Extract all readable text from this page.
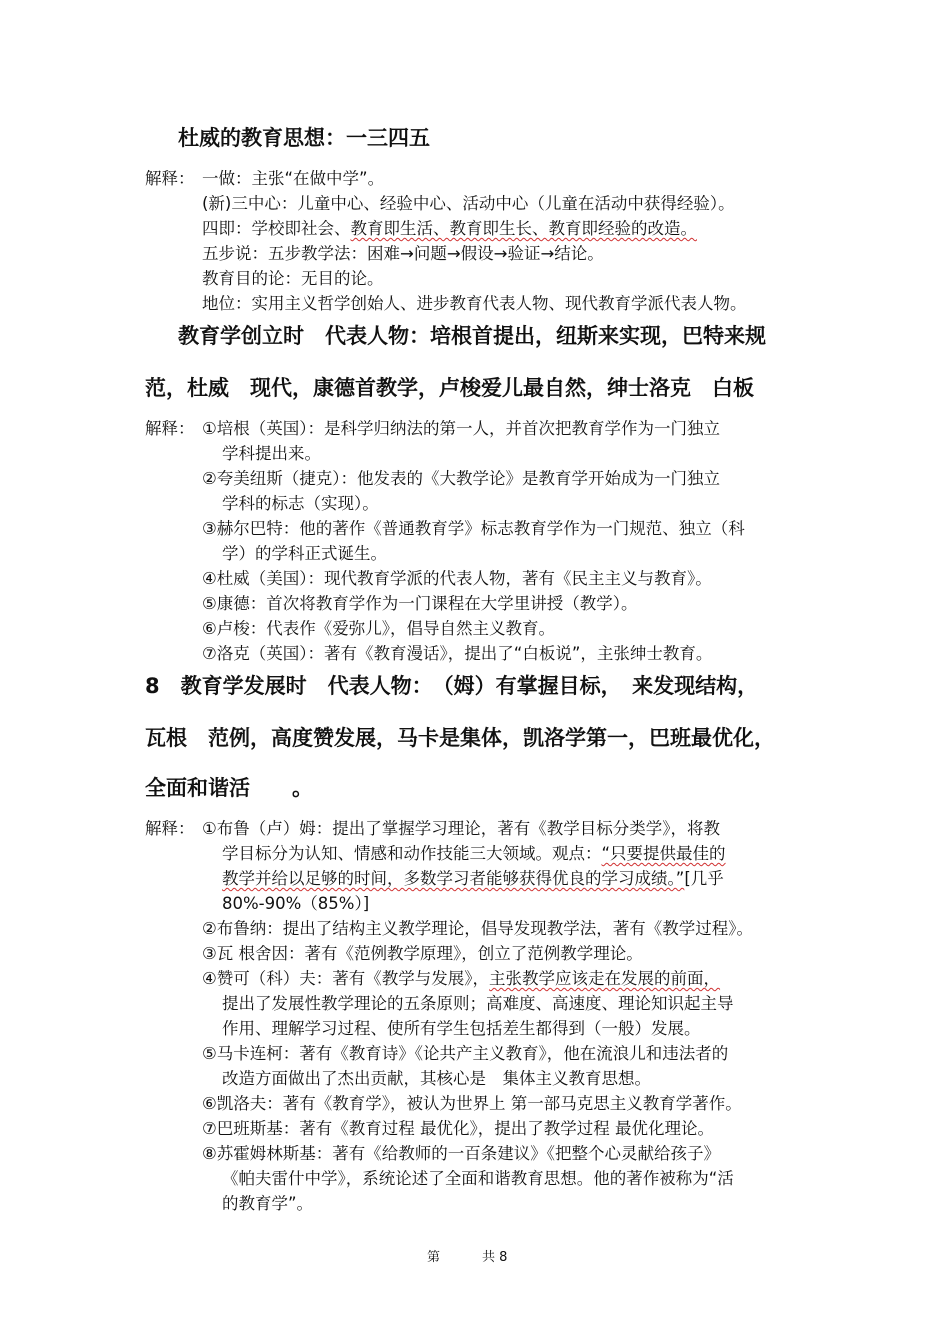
杜威的教育思想：一三四五
解释： 一做：主张“在做中学”。
(新)三中心：儿童中心、经验中心、活动中心（儿童在活动中获得经验）。
四即：学校即社会、教育即生活、教育即生长、教育即经验的改造。
五步说：五步教学法：困难→问题→假设→验证→结论。
教育目的论：无目的论。
地位：实用主义哲学创始人、进步教育代表人物、现代教育学派代表人物。
教育学创立时　代表人物：培根首提出，纽斯来实现，巴特来规
范，杜威　现代，康德首教学，卢梭爱儿最自然，绅士洛克　白板
解释： ①培根（英国）：是科学归纳法的第一人，并首次把教育学作为一门独立
学科提出来。
②夸美纽斯（捷克）：他发表的《大教学论》是教育学开始成为一门独立
学科的标志（实现）。
③赫尔巴特：他的著作《普通教育学》标志教育学作为一门规范、独立（科
学）的学科正式诞生。
④杜威（美国）：现代教育学派的代表人物，著有《民主主义与教育》。
⑤康德：首次将教育学作为一门课程在大学里讲授（教学）。
⑥卢梭：代表作《爱弥儿》，倡导自然主义教育。
⑦洛克（英国）：著有《教育漫话》，提出了“白板说”，主张绅士教育。
8　教育学发展时　代表人物：　（姆）有掌握目标，　来发现结构，
瓦根　范例，高度赞发展，马卡是集体，凯洛学第一，巴班最优化，
全面和谐活　　。
解释： ①布鲁（卢）姆：提出了掌握学习理论，著有《教学目标分类学》，将教
学目标分为认知、情感和动作技能三大领域。观点：“只要提供最佳的
教学并给以足够的时间，多数学习者能够获得优良的学习成绩。”[几乎
80%-90%（85%）]
②布鲁纳：提出了结构主义教学理论，倡导发现教学法，著有《教学过程》。
③瓦 根舍因：著有《范例教学原理》，创立了范例教学理论。
④赞可（科）夫：著有《教学与发展》，主张教学应该走在发展的前面，
提出了发展性教学理论的五条原则；高难度、高速度、理论知识起主导
作用、理解学习过程、使所有学生包括差生都得到（一般）发展。
⑤马卡连柯：著有《教育诗》《论共产主义教育》，他在流浪儿和违法者的
改造方面做出了杰出贡献，其核心是　集体主义教育思想。
⑥凯洛夫：著有《教育学》，被认为世界上 第一部马克思主义教育学著作。
⑦巴班斯基：著有《教育过程 最优化》，提出了教学过程 最优化理论。
⑧苏霍姆林斯基：著有《给教师的一百条建议》《把整个心灵献给孩子》
《帕夫雷什中学》，系统论述了全面和谐教育思想。他的著作被称为“活
的教育学”。
第	共 8
